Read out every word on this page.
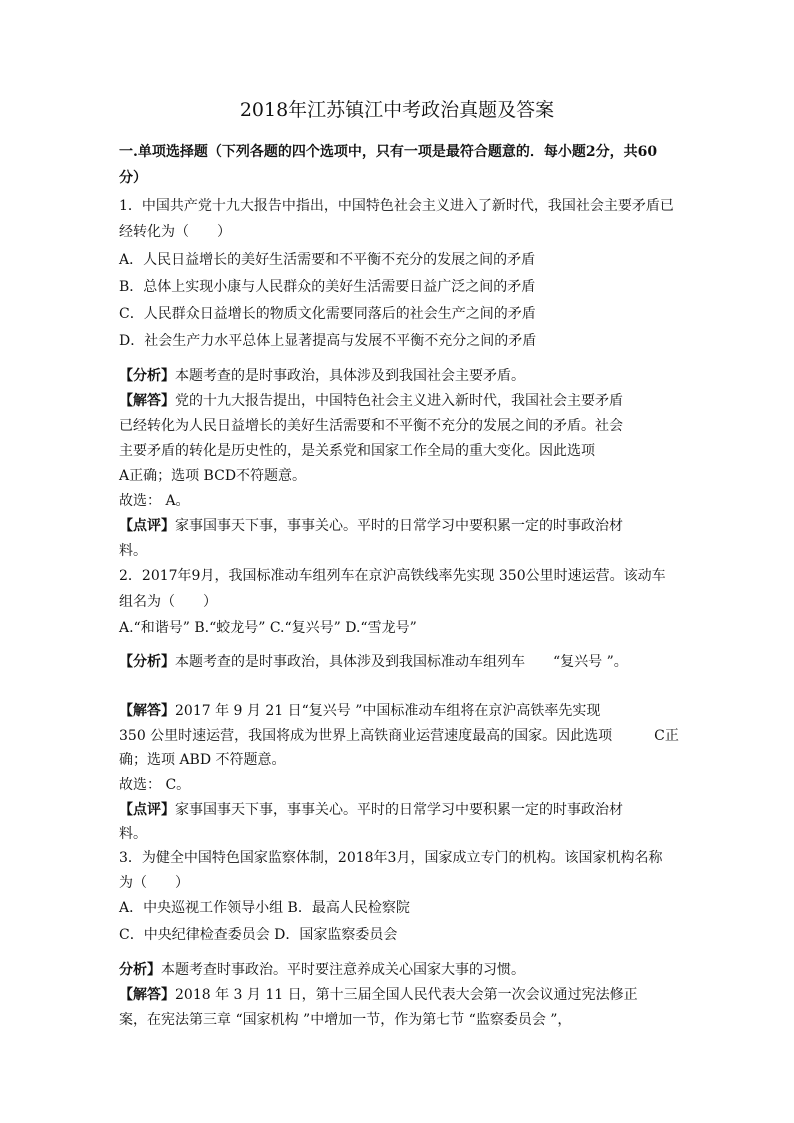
2018年江苏镇江中考政治真题及答案
一.单项选择题（下列各题的四个选项中，只有一项是最符合题意的．每小题2分，共60
分）
1．中国共产党十九大报告中指出，中国特色社会主义进入了新时代，我国社会主要矛盾已
经转化为（　　）
A．人民日益增长的美好生活需要和不平衡不充分的发展之间的矛盾
B．总体上实现小康与人民群众的美好生活需要日益广泛之间的矛盾
C．人民群众日益增长的物质文化需要同落后的社会生产之间的矛盾
D．社会生产力水平总体上显著提高与发展不平衡不充分之间的矛盾
【分析】本题考查的是时事政治，具体涉及到我国社会主要矛盾。
【解答】党的十九大报告提出，中国特色社会主义进入新时代，我国社会主要矛盾
已经转化为人民日益增长的美好生活需要和不平衡不充分的发展之间的矛盾。社会
主要矛盾的转化是历史性的，是关系党和国家工作全局的重大变化。因此选项
A正确；选项 BCD不符题意。
故选： A。
【点评】家事国事天下事，事事关心。平时的日常学习中要积累一定的时事政治材
料。
2．2017年9月，我国标准动车组列车在京沪高铁线率先实现 350公里时速运营。该动车
组名为（　　）
A.“和谐号” B.“蛟龙号” C.“复兴号” D.“雪龙号”
【分析】本题考查的是时事政治，具体涉及到我国标准动车组列车　　“复兴号 ”。
【解答】2017 年 9 月 21 日“复兴号 ”中国标准动车组将在京沪高铁率先实现
350 公里时速运营，我国将成为世界上高铁商业运营速度最高的国家。因此选项　　　C正
确；选项 ABD 不符题意。
故选： C。
【点评】家事国事天下事，事事关心。平时的日常学习中要积累一定的时事政治材
料。
3．为健全中国特色国家监察体制，2018年3月，国家成立专门的机构。该国家机构名称
为（　　）
A．中央巡视工作领导小组 B．最高人民检察院
C．中央纪律检查委员会 D．国家监察委员会
分析】本题考查时事政治。平时要注意养成关心国家大事的习惯。
【解答】2018 年 3 月 11 日，第十三届全国人民代表大会第一次会议通过宪法修正
案，在宪法第三章 “国家机构 ”中增加一节，作为第七节 “监察委员会 ”，
